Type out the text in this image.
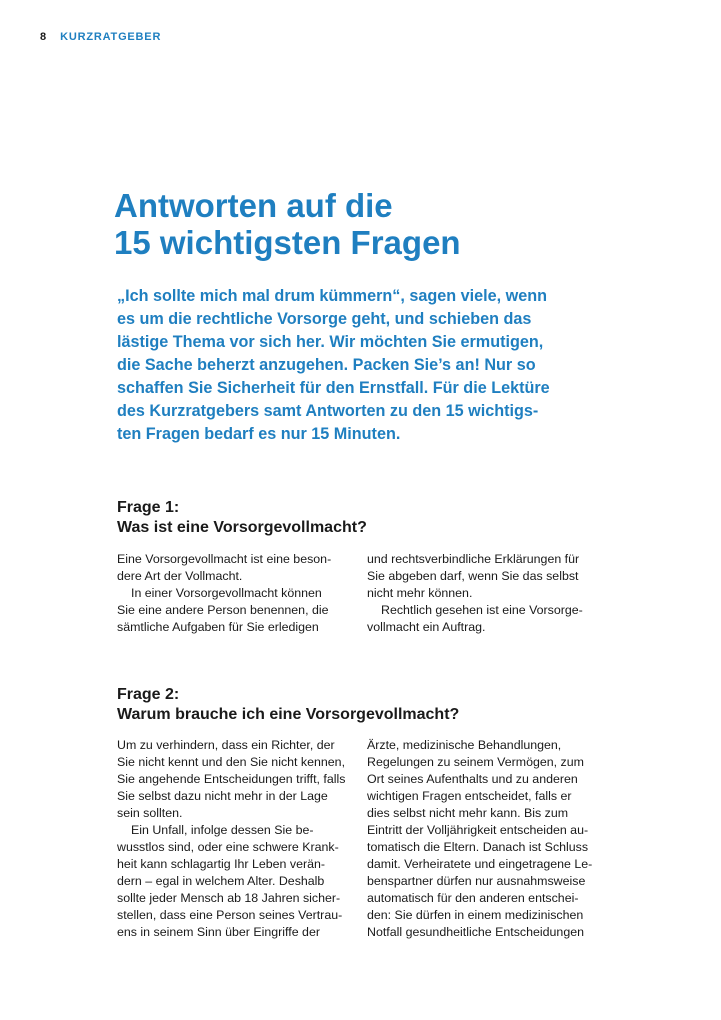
8 KURZRATGEBER
Antworten auf die
15 wichtigsten Fragen
„Ich sollte mich mal drum kümmern“, sagen viele, wenn
es um die rechtliche Vorsorge geht, und schieben das
lästige Thema vor sich her. Wir möchten Sie ermutigen,
die Sache beherzt anzugehen. Packen Sie’s an! Nur so
schaffen Sie Sicherheit für den Ernstfall. Für die Lektüre
des Kurzratgebers samt Antworten zu den 15 wichtigs-
ten Fragen bedarf es nur 15 Minuten.
Frage 1:
Was ist eine Vorsorgevollmacht?
Eine Vorsorgevollmacht ist eine beson-
dere Art der Vollmacht.
In einer Vorsorgevollmacht können
Sie eine andere Person benennen, die
sämtliche Aufgaben für Sie erledigen
und rechtsverbindliche Erklärungen für
Sie abgeben darf, wenn Sie das selbst
nicht mehr können.
Rechtlich gesehen ist eine Vorsorge-
vollmacht ein Auftrag.
Frage 2:
Warum brauche ich eine Vorsorgevollmacht?
Um zu verhindern, dass ein Richter, der
Sie nicht kennt und den Sie nicht kennen,
Sie angehende Entscheidungen trifft, falls
Sie selbst dazu nicht mehr in der Lage
sein sollten.
Ein Unfall, infolge dessen Sie be-
wusstlos sind, oder eine schwere Krank-
heit kann schlagartig Ihr Leben verän-
dern – egal in welchem Alter. Deshalb
sollte jeder Mensch ab 18 Jahren sicher-
stellen, dass eine Person seines Vertrau-
ens in seinem Sinn über Eingriffe der
Ärzte, medizinische Behandlungen,
Regelungen zu seinem Vermögen, zum
Ort seines Aufenthalts und zu anderen
wichtigen Fragen entscheidet, falls er
dies selbst nicht mehr kann. Bis zum
Eintritt der Volljährigkeit entscheiden au-
tomatisch die Eltern. Danach ist Schluss
damit. Verheiratete und eingetragene Le-
benspartner dürfen nur ausnahmsweise
automatisch für den anderen entschei-
den: Sie dürfen in einem medizinischen
Notfall gesundheitliche Entscheidungen
